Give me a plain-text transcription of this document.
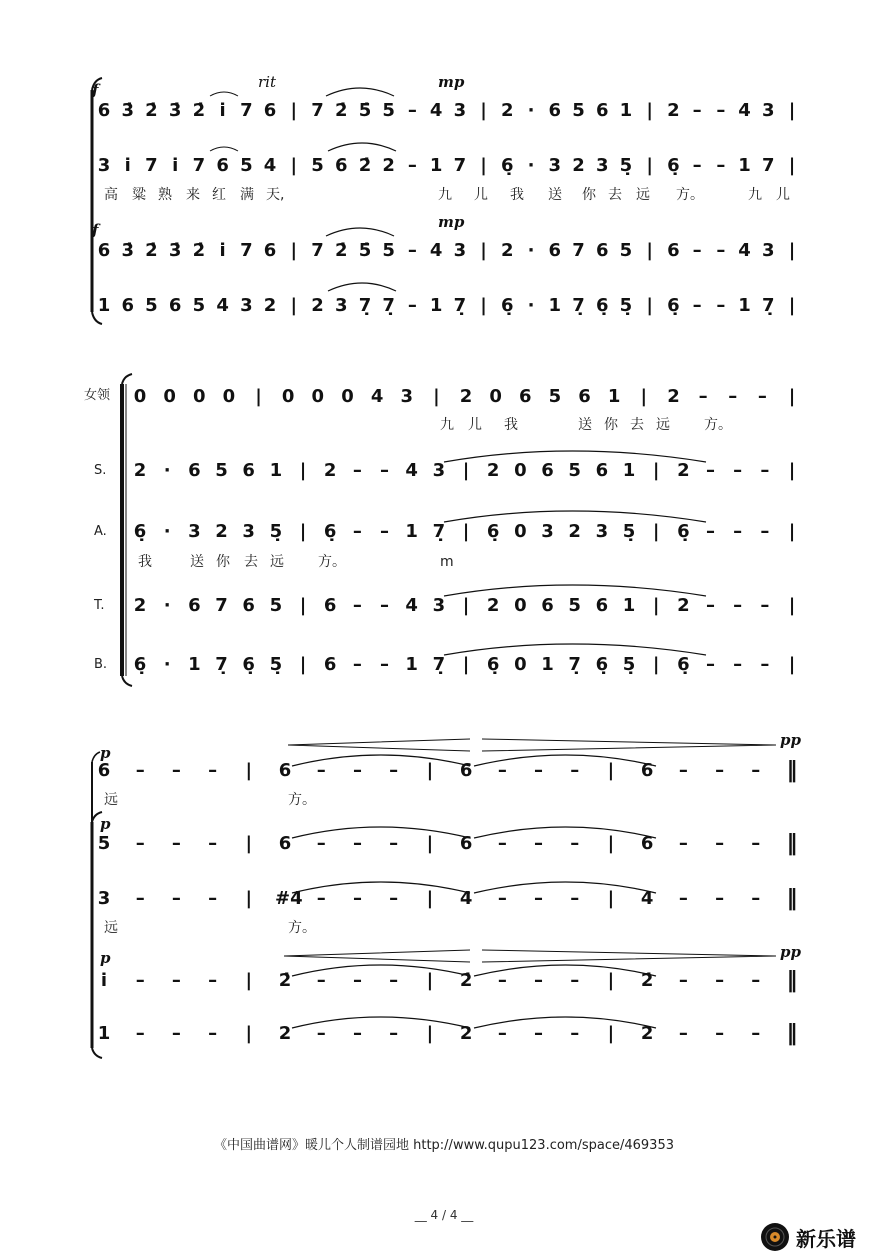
f	rit	mp
6 3̇ 2̇ 3̇ 2̇ i 7 6 | 7 2̇ 5̇ 5 – 4 3 | 2 · 6 5 6 1 | 2 – – 4 3 |
3 i 7 i 7 6 5 4 | 5 6 2̇ 2 – 1 7 | 6̣ · 3 2 3 5̣ | 6̣ – – 1 7 |
高 粱 熟 来 红 满 天,	九 儿 我 送 你 去 远 方。	九 儿
f	mp
6 3̇ 2̇ 3̇ 2̇ i 7 6 | 7 2̇ 5̇ 5 – 4 3 | 2 · 6 7 6 5 | 6 – – 4 3 |
1 6 5 6 5 4 3 2 | 2 3 7̣ 7̣ – 1 7̣ | 6̣ · 1 7̣ 6̣ 5̣ | 6̣ – – 1 7̣ |
女领 0 0 0 0	|	0 0 0 4 3	|	2 0 6 5 6 1	|	2	–	–	–	|
九 儿 我	送 你 去 远 方。
S. 2 · 6 5 6 1 | 2 –	– 4 3 | 2 0 6 5 6 1 | 2 –	–	–	|
A. 6̣ · 3 2 3 5̣ | 6̣ –	– 1 7̣ | 6̣ 0 3 2 3 5̣ | 6̣ –	–	–	|
我	送 你 去 远 方。	m
T. 2 · 6 7 6 5 | 6 –	– 4 3 | 2 0 6 5 6 1 | 2 –	–	–	|
B. 6̣ · 1 7̣ 6̣ 5̣ | 6 –	– 1 7̣ | 6̣ 0 1 7̣ 6̣ 5̣ | 6̣ –	–	–	|
p
pp
6	–	–	–	|	6	–	–	–	|	6	–	–	–	|	6	–	–	– ‖
远	方。
p
5	–	–	–	|	6	–	–	–	|	6	–	–	–	|	6	–	–	– ‖
3	–	–	–	|	#4 –	–	–	|	4	–	–	–	|	4	–	–	– ‖
远	方。
p	pp
i	–	–	–	|	2̇	–	–	–	|	2̇	–	–	–	|	2̇	–	–	– ‖
1	–	–	–	|	2	–	–	–	|	2	–	–	–	|	2	–	–	– ‖
《中国曲谱网》暖儿个人制谱园地 http://www.qupu123.com/space/469353
__ 4 / 4 __
新乐谱
